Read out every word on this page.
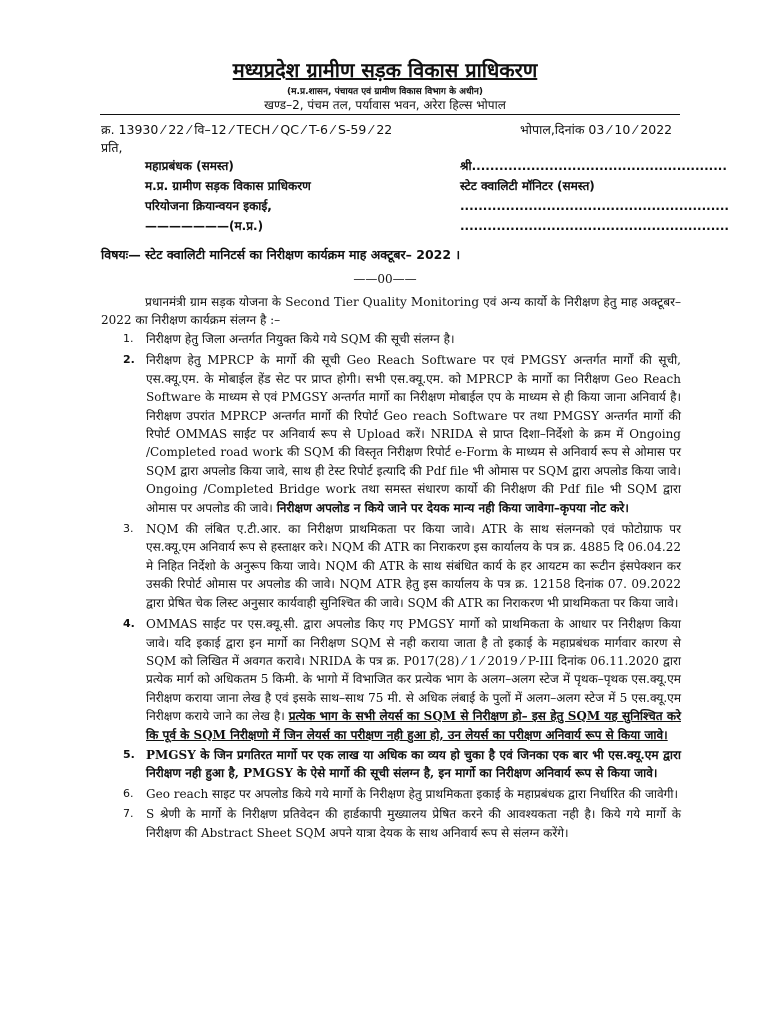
मध्यप्रदेश ग्रामीण सड़क विकास प्राधिकरण
(म.प्र.शासन, पंचायत एवं ग्रामीण विकास विभाग के अधीन)
खण्ड–2, पंचम तल, पर्यावास भवन, अरेरा हिल्स भोपाल
क्र. 13930 ⁄ 22 ⁄ वि–12 ⁄ TECH ⁄ QC ⁄ T-6 ⁄ S-59 ⁄ 22	भोपाल,दिनांक 03 ⁄ 10 ⁄ 2022
प्रति,
महाप्रबंधक (समस्त)
म.प्र. ग्रामीण सड़क विकास प्राधिकरण
परियोजना क्रियान्वयन इकाई,
———————(म.प्र.)
श्री........................................................
स्टेट क्वालिटी मॉनिटर (समस्त)
...........................................................
...........................................................
विषयः— स्टेट क्वालिटी मानिटर्स का निरीक्षण कार्यक्रम माह अक्टूबर– 2022 ।
——00——
प्रधानमंत्री ग्राम सड़क योजना के Second Tier Quality Monitoring एवं अन्य कार्यो के निरीक्षण हेतु माह अक्टूबर–2022 का निरीक्षण कार्यक्रम संलग्न है :–
1. निरीक्षण हेतु जिला अन्तर्गत नियुक्त किये गये SQM की सूची संलग्न है।
2. निरीक्षण हेतु MPRCP के मार्गो की सूची Geo Reach Software पर एवं PMGSY अन्तर्गत मार्गों की सूची, एस.क्यू.एम. के मोबाईल हेंड सेट पर प्राप्त होगी। सभी एस.क्यू.एम. को MPRCP के मार्गो का निरीक्षण Geo Reach Software के माध्यम से एवं PMGSY अन्तर्गत मार्गो का निरीक्षण मोबाईल एप के माध्यम से ही किया जाना अनिवार्य है। निरीक्षण उपरांत MPRCP अन्तर्गत मार्गो की रिपोर्ट Geo reach Software पर तथा PMGSY अन्तर्गत मार्गो की रिपोर्ट OMMAS साईट पर अनिवार्य रूप से Upload करें। NRIDA से प्राप्त दिशा–निर्देशो के क्रम में Ongoing /Completed road work की SQM की विस्तृत निरीक्षण रिपोर्ट e-Form के माध्यम से अनिवार्य रूप से ओमास पर SQM द्वारा अपलोड किया जावे, साथ ही टेस्ट रिपोर्ट इत्यादि की Pdf file भी ओमास पर SQM द्वारा अपलोड किया जावे। Ongoing /Completed Bridge work तथा समस्त संधारण कार्यो की निरीक्षण की Pdf file भी SQM द्वारा ओमास पर अपलोड की जावे। निरीक्षण अपलोड न किये जाने पर देयक मान्य नही किया जावेगा–कृपया नोट करे।
3. NQM की लंबित ए.टी.आर. का निरीक्षण प्राथमिकता पर किया जावे। ATR के साथ संलग्नको एवं फोटोग्राफ पर एस.क्यू.एम अनिवार्य रूप से हस्ताक्षर करे। NQM की ATR का निराकरण इस कार्यालय के पत्र क्र. 4885 दि 06.04.22 मे निहित निर्देशो के अनुरूप किया जावे। NQM की ATR के साथ संबंधित कार्य के हर आयटम का रूटीन इंसपेक्शन कर उसकी रिपोर्ट ओमास पर अपलोड की जावे। NQM ATR हेतु इस कार्यालय के पत्र क्र. 12158 दिनांक 07. 09.2022 द्वारा प्रेषित चेक लिस्ट अनुसार कार्यवाही सुनिश्चित की जावे। SQM की ATR का निराकरण भी प्राथमिकता पर किया जावे।
4. OMMAS साईट पर एस.क्यू.सी. द्वारा अपलोड किए गए PMGSY मार्गो को प्राथमिकता के आधार पर निरीक्षण किया जावे। यदि इकाई द्वारा इन मार्गो का निरीक्षण SQM से नही कराया जाता है तो इकाई के महाप्रबंधक मार्गवार कारण से SQM को लिखित में अवगत करावे। NRIDA के पत्र क्र. P017(28) ⁄ 1 ⁄ 2019 ⁄ P-III दिनांक 06.11.2020 द्वारा प्रत्येक मार्ग को अधिकतम 5 किमी. के भागो में विभाजित कर प्रत्येक भाग के अलग–अलग स्टेज में पृथक–पृथक एस.क्यू.एम निरीक्षण कराया जाना लेख है एवं इसके साथ–साथ 75 मी. से अधिक लंबाई के पुलों में अलग–अलग स्टेज में 5 एस.क्यू.एम निरीक्षण कराये जाने का लेख है। प्रत्येक भाग के सभी लेयर्स का SQM से निरीक्षण हो– इस हेतु SQM यह सुनिश्चित करे कि पूर्व के SQM निरीक्षणो में जिन लेयर्स का परीक्षण नही हुआ हो, उन लेयर्स का परीक्षण अनिवार्य रूप से किया जावे।
5. PMGSY के जिन प्रगतिरत मार्गो पर एक लाख या अधिक का व्यय हो चुका है एवं जिनका एक बार भी एस.क्यू.एम द्वारा निरीक्षण नही हुआ है, PMGSY के ऐसे मार्गो की सूची संलग्न है, इन मार्गो का निरीक्षण अनिवार्य रूप से किया जावे।
6. Geo reach साइट पर अपलोड किये गये मार्गो के निरीक्षण हेतु प्राथमिकता इकाई के महाप्रबंधक द्वारा निर्धारित की जावेगी।
7. S श्रेणी के मार्गो के निरीक्षण प्रतिवेदन की हार्डकापी मुख्यालय प्रेषित करने की आवश्यकता नही है। किये गये मार्गो के निरीक्षण की Abstract Sheet SQM अपने यात्रा देयक के साथ अनिवार्य रूप से संलग्न करेंगे।
